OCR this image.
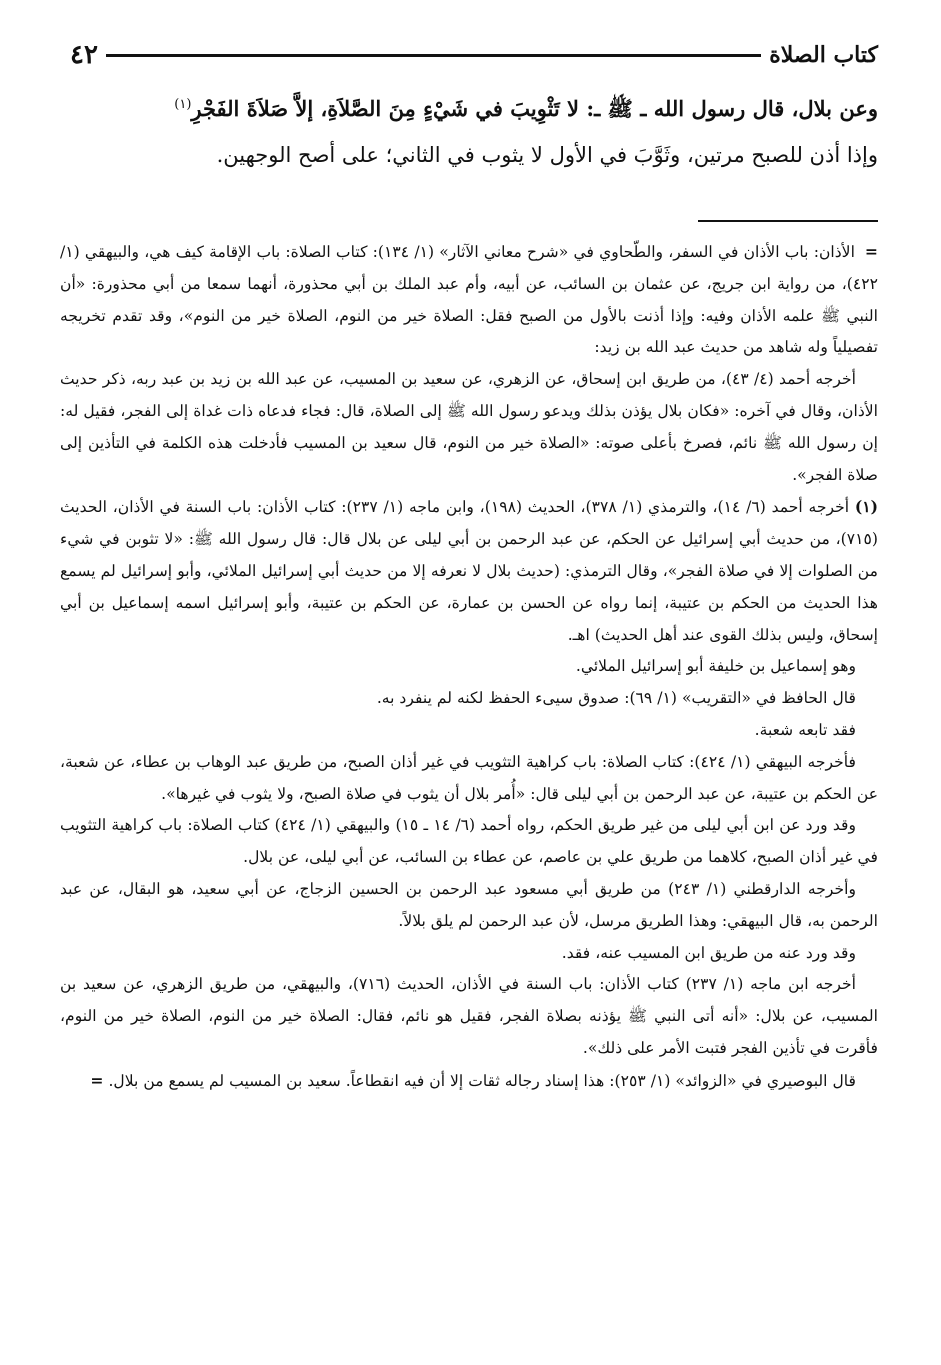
كتاب الصلاة
٤٢

وعن بلال، قال رسول الله ـ ﷺ ـ: لا تَثْوِيبَ في شَيْءٍ مِنَ الصَّلاَةِ، إلاَّ صَلاَةَ الفَجْرِ$^{(١)}$

وإذا أذن للصبح مرتين، وثَوَّبَ في الأول لا يثوب في الثاني؛ على أصح الوجهين.

=الأذان: باب الأذان في السفر، والطّحاوي في «شرح معاني الآثار» (١/ ١٣٤): كتاب الصلاة: باب الإقامة كيف هي، والبيهقي (١/ ٤٢٢)، من رواية ابن جريج، عن عثمان بن السائب، عن أبيه، وأم عبد الملك بن أبي محذورة، أنهما سمعا من أبي محذورة: «أن النبي ﷺ علمه الأذان وفيه: وإذا أذنت بالأول من الصبح فقل: الصلاة خير من النوم، الصلاة خير من النوم»، وقد تقدم تخريجه تفصيلياً وله شاهد من حديث عبد الله بن زيد:

أخرجه أحمد (٤/ ٤٣)، من طريق ابن إسحاق، عن الزهري، عن سعيد بن المسيب، عن عبد الله بن زيد بن عبد ربه، ذكر حديث الأذان، وقال في آخره: «فكان بلال يؤذن بذلك ويدعو رسول الله ﷺ إلى الصلاة، قال: فجاء فدعاه ذات غداة إلى الفجر، فقيل له: إن رسول الله ﷺ نائم، فصرخ بأعلى صوته: «الصلاة خير من النوم، قال سعيد بن المسيب فأدخلت هذه الكلمة في التأذين إلى صلاة الفجر».

(١) أخرجه أحمد (٦/ ١٤)، والترمذي (١/ ٣٧٨)، الحديث (١٩٨)، وابن ماجه (١/ ٢٣٧): كتاب الأذان: باب السنة في الأذان، الحديث (٧١٥)، من حديث أبي إسرائيل عن الحكم، عن عبد الرحمن بن أبي ليلى عن بلال قال: قال رسول الله ﷺ: «لا تثوبن في شيء من الصلوات إلا في صلاة الفجر»، وقال الترمذي: (حديث بلال لا نعرفه إلا من حديث أبي إسرائيل الملائي، وأبو إسرائيل لم يسمع هذا الحديث من الحكم بن عتيبة، إنما رواه عن الحسن بن عمارة، عن الحكم بن عتيبة، وأبو إسرائيل اسمه إسماعيل بن أبي إسحاق، وليس بذلك القوى عند أهل الحديث) اهـ.

وهو إسماعيل بن خليفة أبو إسرائيل الملائي.

قال الحافظ في «التقريب» (١/ ٦٩): صدوق سيىء الحفظ لكنه لم ينفرد به.

فقد تابعه شعبة.

فأخرجه البيهقي (١/ ٤٢٤): كتاب الصلاة: باب كراهية التثويب في غير أذان الصبح، من طريق عبد الوهاب بن عطاء، عن شعبة، عن الحكم بن عتيبة، عن عبد الرحمن بن أبي ليلى قال: «أُمر بلال أن يثوب في صلاة الصبح، ولا يثوب في غيرها».

وقد ورد عن ابن أبي ليلى من غير طريق الحكم، رواه أحمد (٦/ ١٤ ـ ١٥) والبيهقي (١/ ٤٢٤) كتاب الصلاة: باب كراهية التثويب في غير أذان الصبح، كلاهما من طريق علي بن عاصم، عن عطاء بن السائب، عن أبي ليلى، عن بلال.

وأخرجه الدارقطني (١/ ٢٤٣) من طريق أبي مسعود عبد الرحمن بن الحسين الزجاج، عن أبي سعيد، هو البقال، عن عبد الرحمن به، قال البيهقي: وهذا الطريق مرسل، لأن عبد الرحمن لم يلق بلالاً.

وقد ورد عنه من طريق ابن المسيب عنه، فقد.

أخرجه ابن ماجه (١/ ٢٣٧) كتاب الأذان: باب السنة في الأذان، الحديث (٧١٦)، والبيهقي، من طريق الزهري، عن سعيد بن المسيب، عن بلال: «أنه أتى النبي ﷺ يؤذنه بصلاة الفجر، فقيل هو نائم، فقال: الصلاة خير من النوم، الصلاة خير من النوم، فأقرت في تأذين الفجر فتبت الأمر على ذلك».

قال البوصيري في «الزوائد» (١/ ٢٥٣): هذا إسناد رجاله ثقات إلا أن فيه انقطاعاً. سعيد بن المسيب لم يسمع من بلال. =
